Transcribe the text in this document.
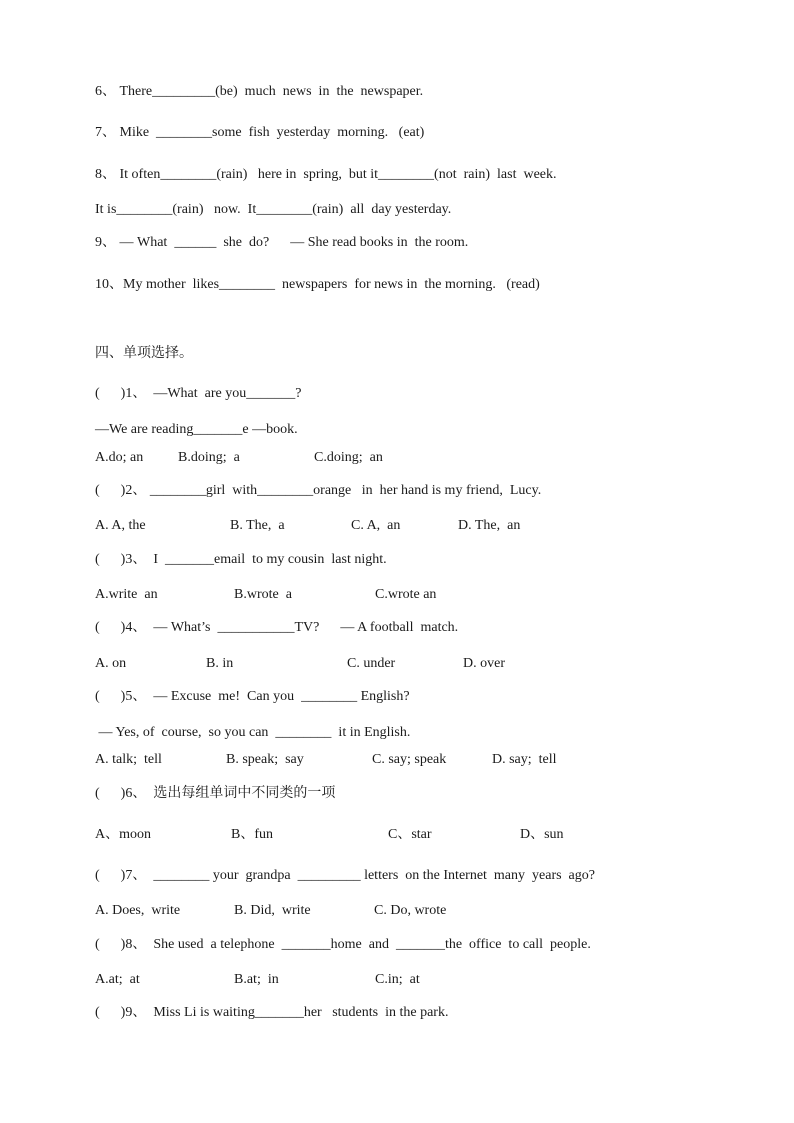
6、 There_________(be)  much  news  in  the  newspaper.
7、 Mike  ________some  fish  yesterday  morning.   (eat)
8、 It often________(rain)   here in  spring,  but it________(not  rain)  last  week.
It is________(rain)   now.  It________(rain)  all  day yesterday.
9、 — What  ______  she  do?      — She read books in  the room.
10、My mother  likes________  newspapers  for news in  the morning.   (read)
四、单项选择。
(      )1、  —What  are you_______?
—We are reading_______e —book.
A.do; an B.doing;  a	C.doing;  an
(      )2、 ________girl  with________orange   in  her hand is my friend,  Lucy.
A. A, the	B. The,  a	C. A,  an	D. The,  an
(      )3、  I  _______email  to my cousin  last night.
A.write  an	B.wrote  a	C.wrote an
(      )4、  — What’s  ___________TV?      — A football  match.
A. on	B. in	C. under	D. over
(      )5、  — Excuse  me!  Can you  ________ English?
— Yes, of  course,  so you can  ________  it in English.
A. talk;  tell	B. speak;  say	C. say; speak	D. say;  tell
(      )6、  选出每组单词中不同类的一项
A、moon	B、fun	C、star	D、sun
(      )7、  ________ your  grandpa  _________ letters  on the Internet  many  years  ago?
A. Does,  write	B. Did,  write	C. Do, wrote
(      )8、  She used  a telephone  _______home  and  _______the  office  to call  people.
A.at;  at	B.at;  in	C.in;  at
(      )9、  Miss Li is waiting_______her   students  in the park.
